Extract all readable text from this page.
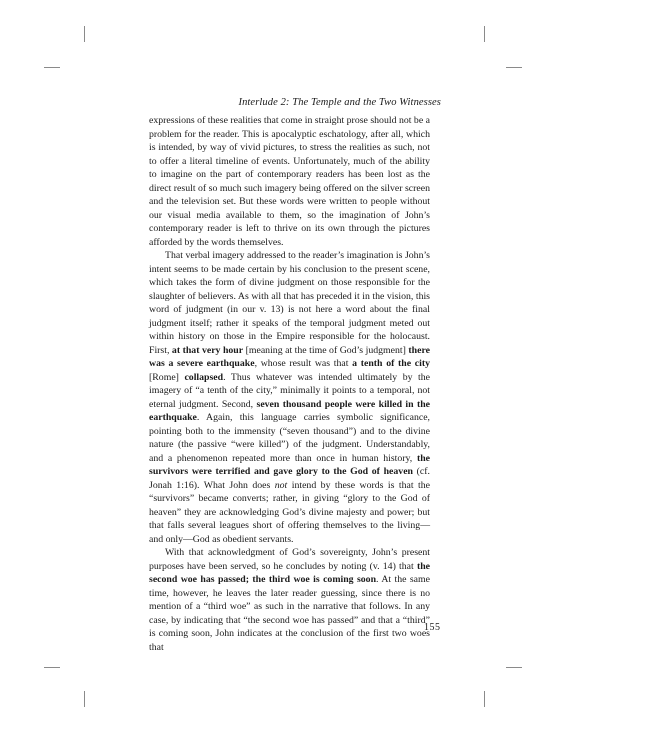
Interlude 2: The Temple and the Two Witnesses

expressions of these realities that come in straight prose should not be a problem for the reader. This is apocalyptic eschatology, after all, which is intended, by way of vivid pictures, to stress the realities as such, not to offer a literal timeline of events. Unfortunately, much of the ability to imagine on the part of contemporary readers has been lost as the direct result of so much such imagery being offered on the silver screen and the television set. But these words were written to people without our visual media available to them, so the imagination of John’s contemporary reader is left to thrive on its own through the pictures afforded by the words themselves.

That verbal imagery addressed to the reader’s imagination is John’s intent seems to be made certain by his conclusion to the present scene, which takes the form of divine judgment on those responsible for the slaughter of believers. As with all that has preceded it in the vision, this word of judgment (in our v. 13) is not here a word about the final judgment itself; rather it speaks of the temporal judgment meted out within history on those in the Empire responsible for the holocaust. First, at that very hour [meaning at the time of God’s judgment] there was a severe earthquake, whose result was that a tenth of the city [Rome] collapsed. Thus whatever was intended ultimately by the imagery of “a tenth of the city,” minimally it points to a temporal, not eternal judgment. Second, seven thousand people were killed in the earthquake. Again, this language carries symbolic significance, pointing both to the immensity (“seven thousand”) and to the divine nature (the passive “were killed”) of the judgment. Understandably, and a phenomenon repeated more than once in human history, the survivors were terrified and gave glory to the God of heaven (cf. Jonah 1:16). What John does not intend by these words is that the “survivors” became converts; rather, in giving “glory to the God of heaven” they are acknowledging God’s divine majesty and power; but that falls several leagues short of offering themselves to the living—and only—God as obedient servants.

With that acknowledgment of God’s sovereignty, John’s present purposes have been served, so he concludes by noting (v. 14) that the second woe has passed; the third woe is coming soon. At the same time, however, he leaves the later reader guessing, since there is no mention of a “third woe” as such in the narrative that follows. In any case, by indicating that “the second woe has passed” and that a “third” is coming soon, John indicates at the conclusion of the first two woes that

155
